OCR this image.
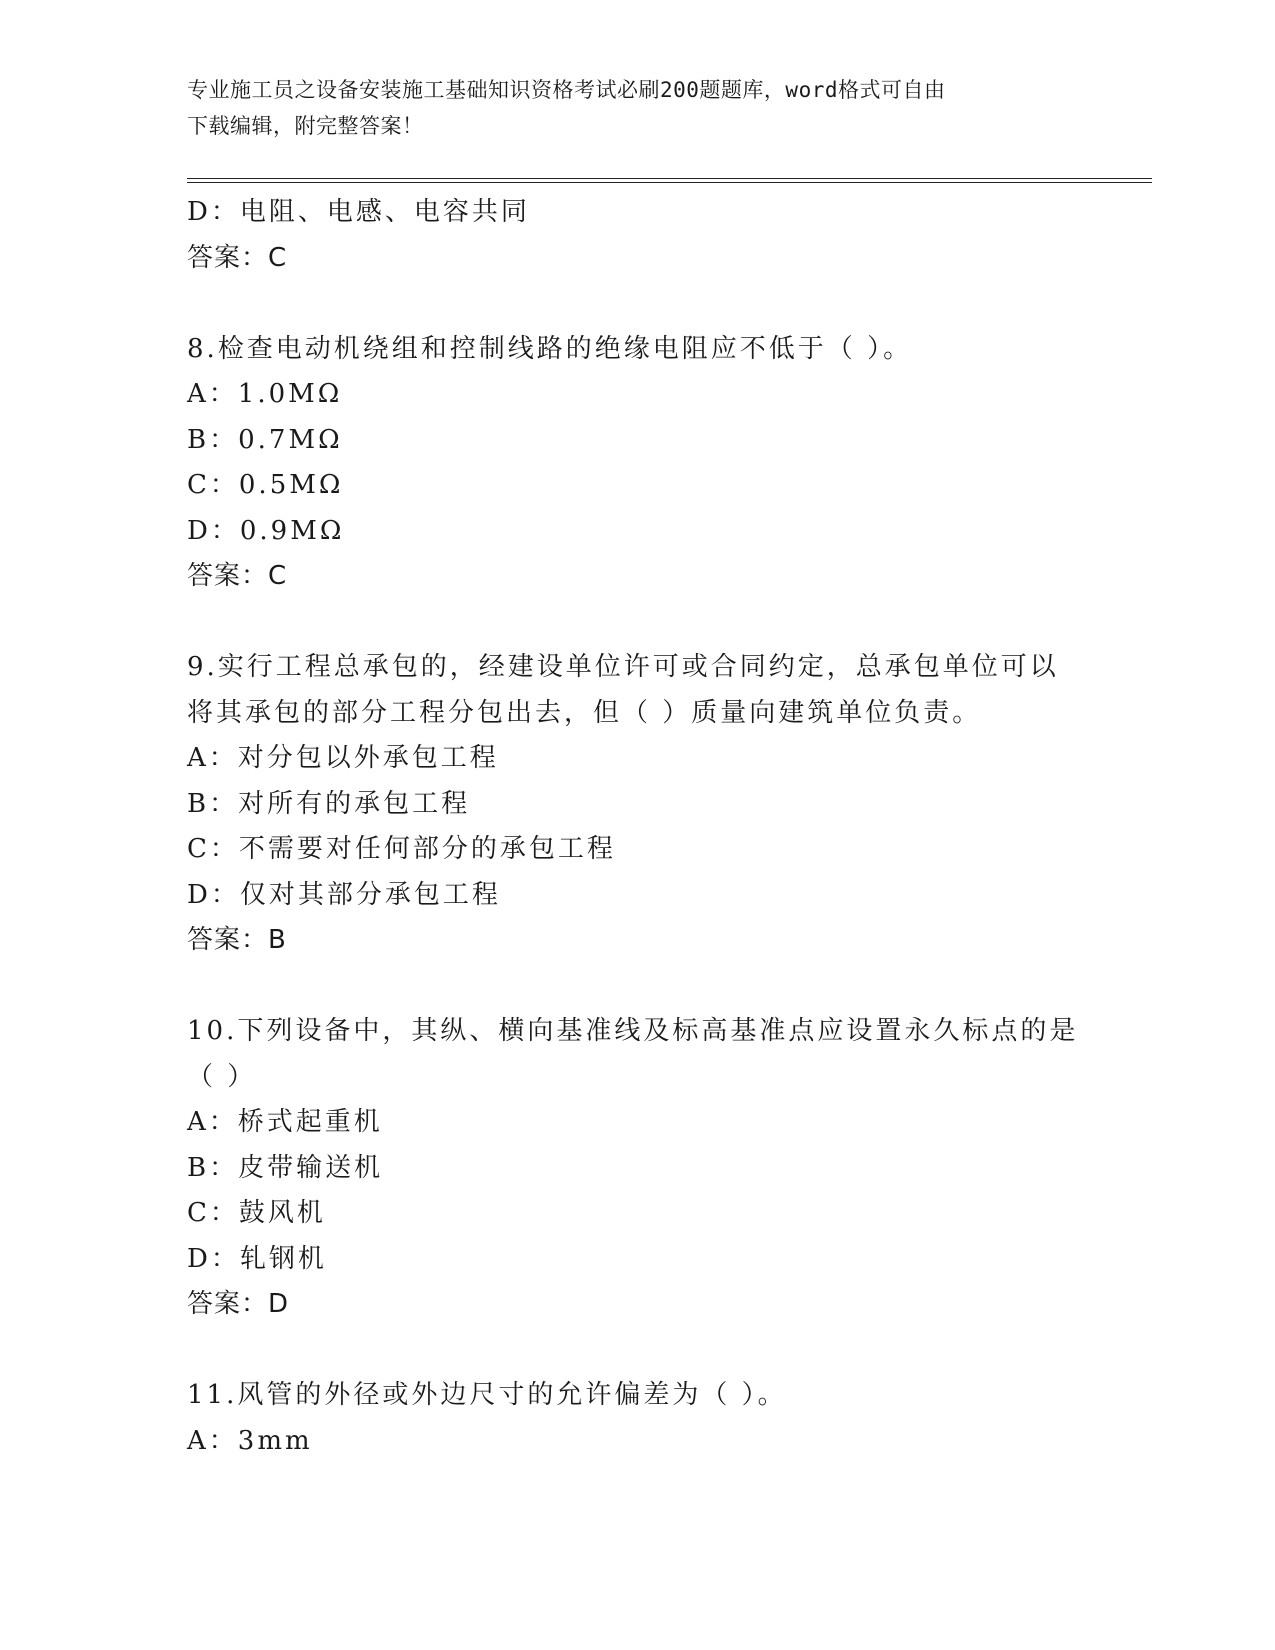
专业施工员之设备安装施工基础知识资格考试必刷200题题库，word格式可自由
下载编辑，附完整答案！
D：电阻、电感、电容共同
答案：C
8.检查电动机绕组和控制线路的绝缘电阻应不低于（ ）。
A：1.0MΩ
B：0.7MΩ
C：0.5MΩ
D：0.9MΩ
答案：C
9.实行工程总承包的，经建设单位许可或合同约定，总承包单位可以
将其承包的部分工程分包出去，但（ ）质量向建筑单位负责。
A：对分包以外承包工程
B：对所有的承包工程
C：不需要对任何部分的承包工程
D：仅对其部分承包工程
答案：B
10.下列设备中，其纵、横向基准线及标高基准点应设置永久标点的是
（ ）
A：桥式起重机
B：皮带输送机
C：鼓风机
D：轧钢机
答案：D
11.风管的外径或外边尺寸的允许偏差为（ ）。
A：3mm
